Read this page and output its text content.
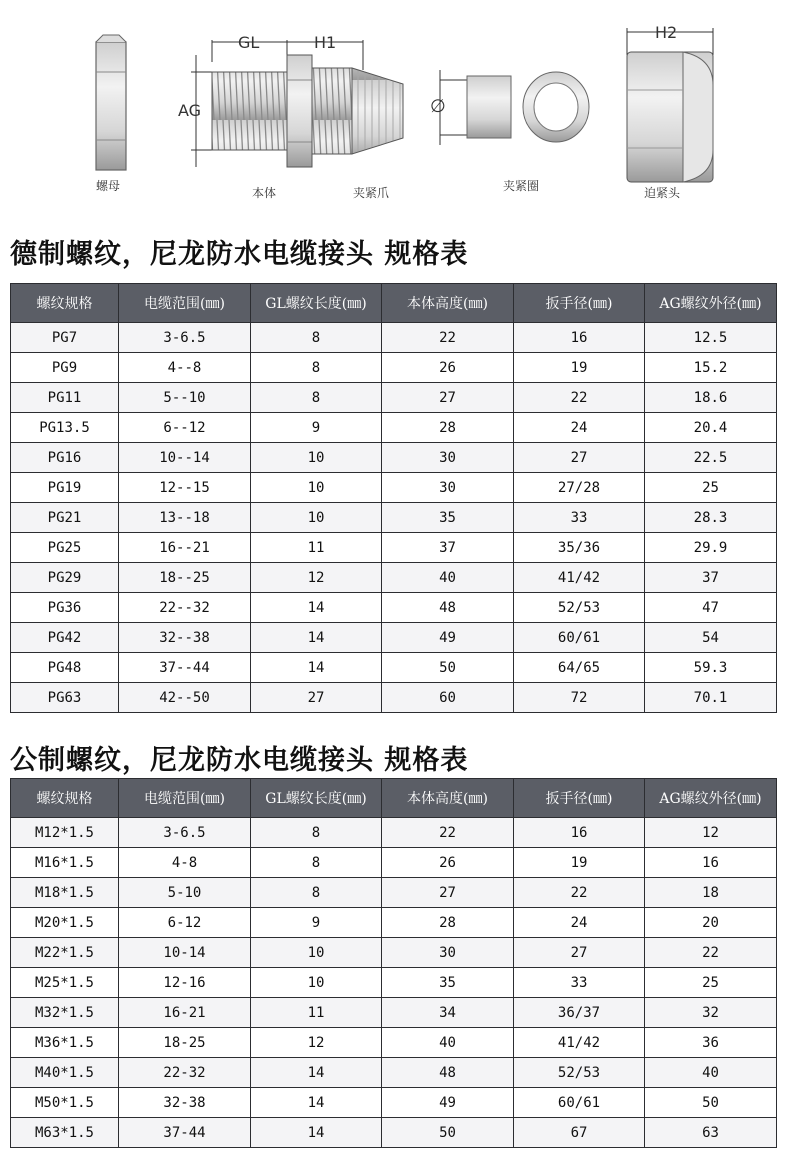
螺母
GL	H1
AG
H2
∅
本体	夹紧爪	夹紧圈	迫紧头
德制螺纹，尼龙防水电缆接头 规格表
螺纹规格	电缆范围(㎜)	GL螺纹长度(㎜)	本体高度(㎜)	扳手径(㎜)	AG螺纹外径(㎜)
PG7	3-6.5	8	22	16	12.5
PG9	4--8	8	26	19	15.2
PG11	5--10	8	27	22	18.6
PG13.5	6--12	9	28	24	20.4
PG16	10--14	10	30	27	22.5
PG19	12--15	10	30	27/28	25
PG21	13--18	10	35	33	28.3
PG25	16--21	11	37	35/36	29.9
PG29	18--25	12	40	41/42	37
PG36	22--32	14	48	52/53	47
PG42	32--38	14	49	60/61	54
PG48	37--44	14	50	64/65	59.3
PG63	42--50	27	60	72	70.1
公制螺纹，尼龙防水电缆接头 规格表
螺纹规格	电缆范围(㎜)	GL螺纹长度(㎜)	本体高度(㎜)	扳手径(㎜)	AG螺纹外径(㎜)
M12*1.5	3-6.5	8	22	16	12
M16*1.5	4-8	8	26	19	16
M18*1.5	5-10	8	27	22	18
M20*1.5	6-12	9	28	24	20
M22*1.5	10-14	10	30	27	22
M25*1.5	12-16	10	35	33	25
M32*1.5	16-21	11	34	36/37	32
M36*1.5	18-25	12	40	41/42	36
M40*1.5	22-32	14	48	52/53	40
M50*1.5	32-38	14	49	60/61	50
M63*1.5	37-44	14	50	67	63
